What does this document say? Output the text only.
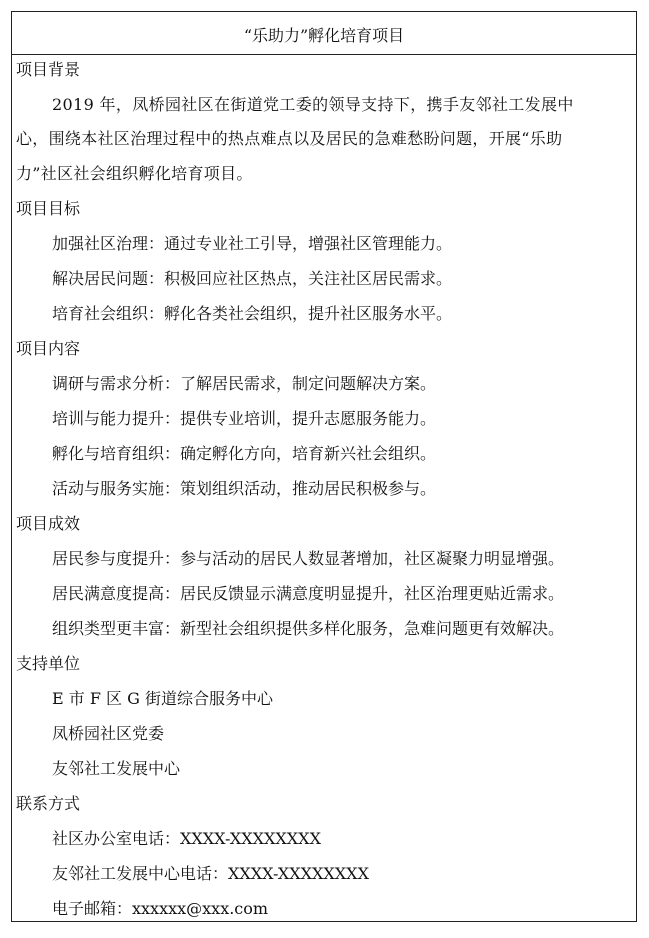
“乐助力”孵化培育项目
项目背景
2019 年，凤桥园社区在街道党工委的领导支持下，携手友邻社工发展中
心，围绕本社区治理过程中的热点难点以及居民的急难愁盼问题，开展“乐助
力”社区社会组织孵化培育项目。
项目目标
加强社区治理：通过专业社工引导，增强社区管理能力。
解决居民问题：积极回应社区热点，关注社区居民需求。
培育社会组织：孵化各类社会组织，提升社区服务水平。
项目内容
调研与需求分析：了解居民需求，制定问题解决方案。
培训与能力提升：提供专业培训，提升志愿服务能力。
孵化与培育组织：确定孵化方向，培育新兴社会组织。
活动与服务实施：策划组织活动，推动居民积极参与。
项目成效
居民参与度提升：参与活动的居民人数显著增加，社区凝聚力明显增强。
居民满意度提高：居民反馈显示满意度明显提升，社区治理更贴近需求。
组织类型更丰富：新型社会组织提供多样化服务，急难问题更有效解决。
支持单位
E 市 F 区 G 街道综合服务中心
凤桥园社区党委
友邻社工发展中心
联系方式
社区办公室电话：XXXX-XXXXXXXX
友邻社工发展中心电话：XXXX-XXXXXXXX
电子邮箱：xxxxxx@xxx.com
